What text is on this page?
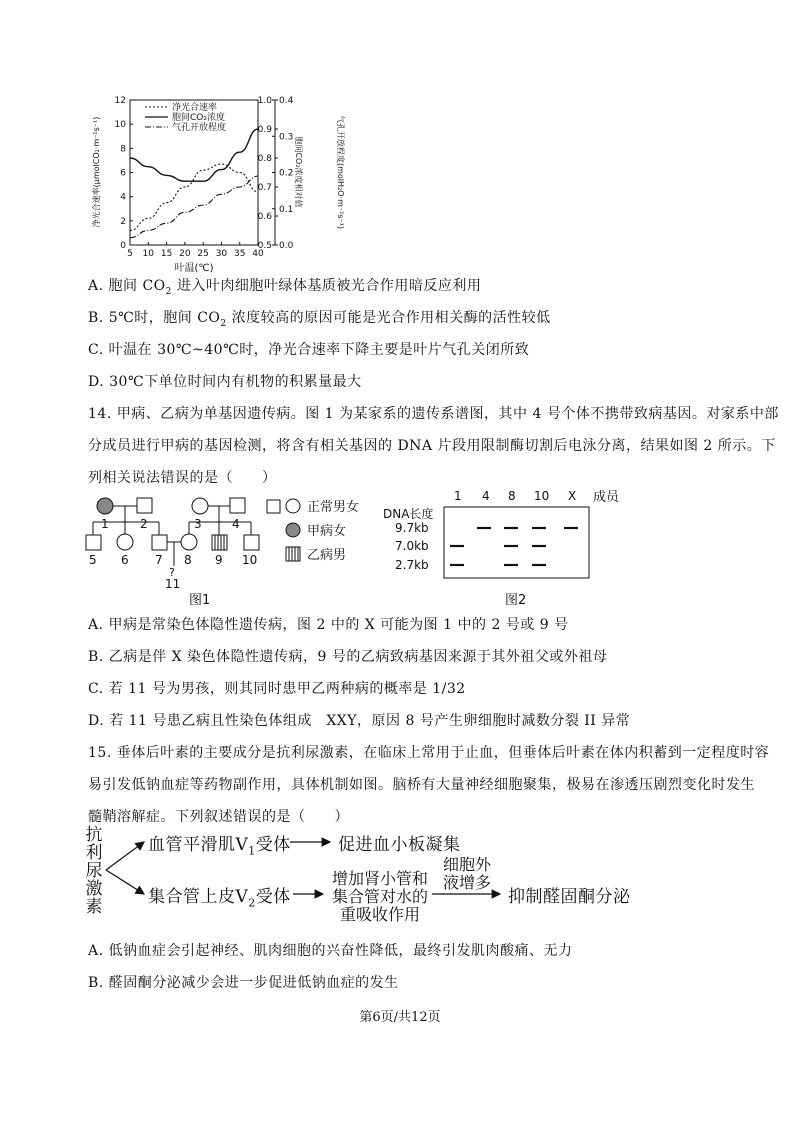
0
2
4
6
8
10
12
0.5
0.6
0.7
0.8
0.9
1.0
0.0
0.1
0.2
0.3
0.4
5 10 15 20 25 30 35 40
净光合速率
胞间CO₂浓度
气孔开放程度
叶温(℃)
净光合速率(μmolCO₂·m⁻²s⁻¹)	胞间CO₂浓度相对值	气孔开放程度(molH₂O·m⁻²s⁻¹)
A. 胞间 $CO_2$ 进入叶肉细胞叶绿体基质被光合作用暗反应利用
B. 5℃时，胞间 $CO_2$ 浓度较高的原因可能是光合作用相关酶的活性较低
C. 叶温在 30℃~40℃时，净光合速率下降主要是叶片气孔关闭所致
D. 30℃下单位时间内有机物的积累量最大
14. 甲病、乙病为单基因遗传病。图 1 为某家系的遗传系谱图，其中 4 号个体不携带致病基因。对家系中部
分成员进行甲病的基因检测，将含有相关基因的 DNA 片段用限制酶切割后电泳分离，结果如图 2 所示。下
列相关说法错误的是（　　）
1	2	3	4
5 6 7 8 9 10
?
11
正常男女
甲病女
乙病男
图1
1 4 8 10 X 成员
DNA长度
9.7kb
7.0kb
2.7kb
图2
A. 甲病是常染色体隐性遗传病，图 2 中的 X 可能为图 1 中的 2 号或 9 号
B. 乙病是伴 X 染色体隐性遗传病，9 号的乙病致病基因来源于其外祖父或外祖母
C. 若 11 号为男孩，则其同时患甲乙两种病的概率是 1/32
D. 若 11 号患乙病且性染色体组成　XXY，原因 8 号产生卵细胞时减数分裂 II 异常
15. 垂体后叶素的主要成分是抗利尿激素，在临床上常用于止血，但垂体后叶素在体内积蓄到一定程度时容
易引发低钠血症等药物副作用，具体机制如图。脑桥有大量神经细胞聚集，极易在渗透压剧烈变化时发生
髓鞘溶解症。下列叙述错误的是（　　）
抗
利
尿
激
素
血管平滑肌$V_1$受体	促进血小板凝集
集合管上皮$V_2$受体
增加肾小管和
集合管对水的
重吸收作用
细胞外
液增多
抑制醛固酮分泌
A. 低钠血症会引起神经、肌肉细胞的兴奋性降低，最终引发肌肉酸痛、无力
B. 醛固酮分泌减少会进一步促进低钠血症的发生
第6页/共12页
